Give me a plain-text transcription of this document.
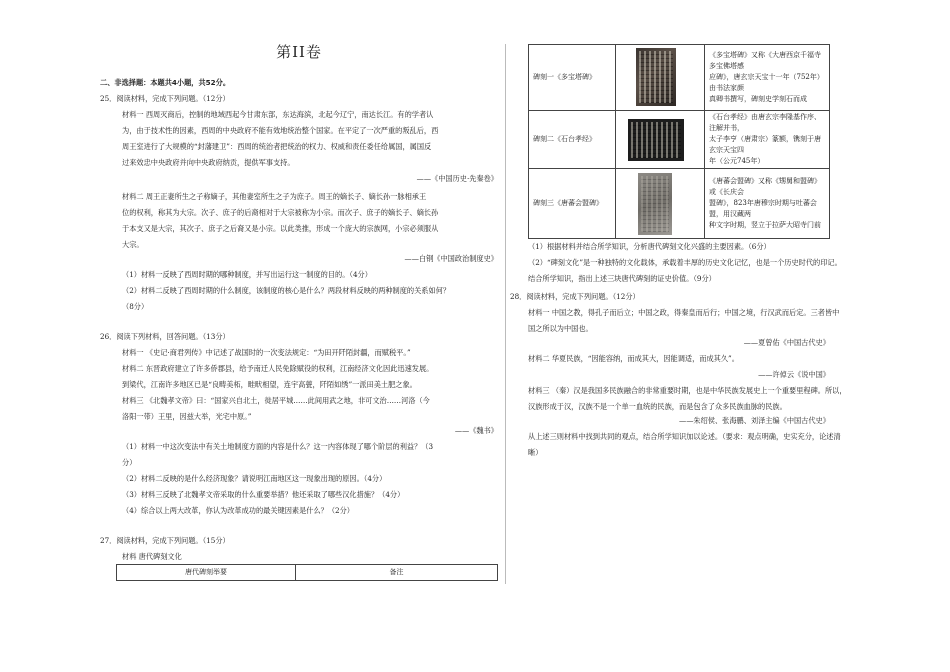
第II卷
二、非选择题：本题共4小题，共52分。
25．阅读材料，完成下列问题。（12分）
材料一 西周灭商后，控制的地域西起今甘肃东部，东达海滨，北起今辽宁，南达长江。有的学者认
为，由于技术性的因素，西周的中央政府不能有效地统治整个国家。在平定了一次严重的叛乱后，西
周王室进行了大规模的“封藩建卫”：西周的统治者把统治的权力、权威和责任委任给属国，属国反
过来效忠中央政府并向中央政府纳贡，提供军事支持。
——《中国历史·先秦卷》
材料二 周王正妻所生之子称嫡子，其他妻室所生之子为庶子。周王的嫡长子、嫡长孙一脉相承王
位的权利，称其为大宗。次子、庶子的后裔相对于大宗被称为小宗。而次子、庶子的嫡长子、嫡长孙
于本支又是大宗，其次子、庶子之后裔又是小宗。以此类推，形成一个庞大的宗族网，小宗必须服从
大宗。
——白钢《中国政治制度史》
（1）材料一反映了西周时期的哪种制度，并写出运行这一制度的目的。（4分）
（2）材料二反映了西周时期的什么制度，该制度的核心是什么？两段材料反映的两种制度的关系如何？
（8分）
26．阅读下列材料，回答问题。（13分）
材料一 《史记·商君列传》中记述了战国时的一次变法规定：“为田开阡陌封疆，而赋税平。”
材料二 东晋政府建立了许多侨郡县，给予南迁人民免除赋役的权利，江南经济文化因此迅速发展。
到梁代，江南许多地区已是“良畴美柘，畦畎相望，连宇高甍，阡陌如绣”一派田美土肥之象。
材料三 《北魏孝文帝》曰：“国家兴自北土，徙居平城……此间用武之地，非可文治……河洛（今
洛阳一带）王里，因兹大举，光宅中原。”
——《魏书》
（1）材料一中这次变法中有关土地制度方面的内容是什么？这一内容体现了哪个阶层的利益？（3
分）
（2）材料二反映的是什么经济现象？请说明江南地区这一现象出现的原因。（4分）
（3）材料三反映了北魏孝文帝采取的什么重要举措？他还采取了哪些汉化措施？（4分）
（4）综合以上两大改革，你认为改革成功的最关键因素是什么？（2分）
27．阅读材料，完成下列问题。（15分）
材料 唐代碑刻文化
唐代碑刻举要	备注
碑刻一《多宝塔碑》		《多宝塔碑》又称《大唐西京千福寺多宝佛塔感
应碑》，唐玄宗天宝十一年（752年）由书法家颜
真卿书撰写，碑刻史学刻石而成

碑刻二《石台孝经》		《石台孝经》由唐玄宗李隆基作序、注解并书，
太子李亨（唐肃宗）篆额，镌刻于唐玄宗天宝四
年（公元745年）

碑刻三《唐蕃会盟碑》		《唐蕃会盟碑》又称《甥舅和盟碑》或《长庆会
盟碑》，823年唐穆宗时期与吐蕃会盟，用汉藏两
种文字时期，竖立于拉萨大昭寺门前
（1）根据材料并结合所学知识，分析唐代碑刻文化兴盛的主要因素。（6分）
（2）“碑刻文化”是一种独特的文化载体，承载着丰厚的历史文化记忆，也是一个历史时代的印记。
结合所学知识，指出上述三块唐代碑刻的证史价值。（9分）
28．阅读材料，完成下列问题。（12分）
材料一 中国之教，得孔子而后立；中国之政，得秦皇而后行；中国之境，行汉武而后定。三者皆中
国之所以为中国也。
——夏曾佑《中国古代史》
材料二 华夏民族，“因能容纳，而成其大，因能调适，而成其久”。
——许倬云《说中国》
材料三 （秦）汉是我国多民族融合的非常重要时期，也是中华民族发展史上一个重要里程碑。所以，
汉族形成于汉，汉族不是一个单一血统的民族，而是包含了众多民族血脉的民族。
——朱绍侯、张海鹏、刘泽主编《中国古代史》
从上述三则材料中找到共同的观点，结合所学知识加以论述。（要求：观点明确，史实充分，论述清
晰）
